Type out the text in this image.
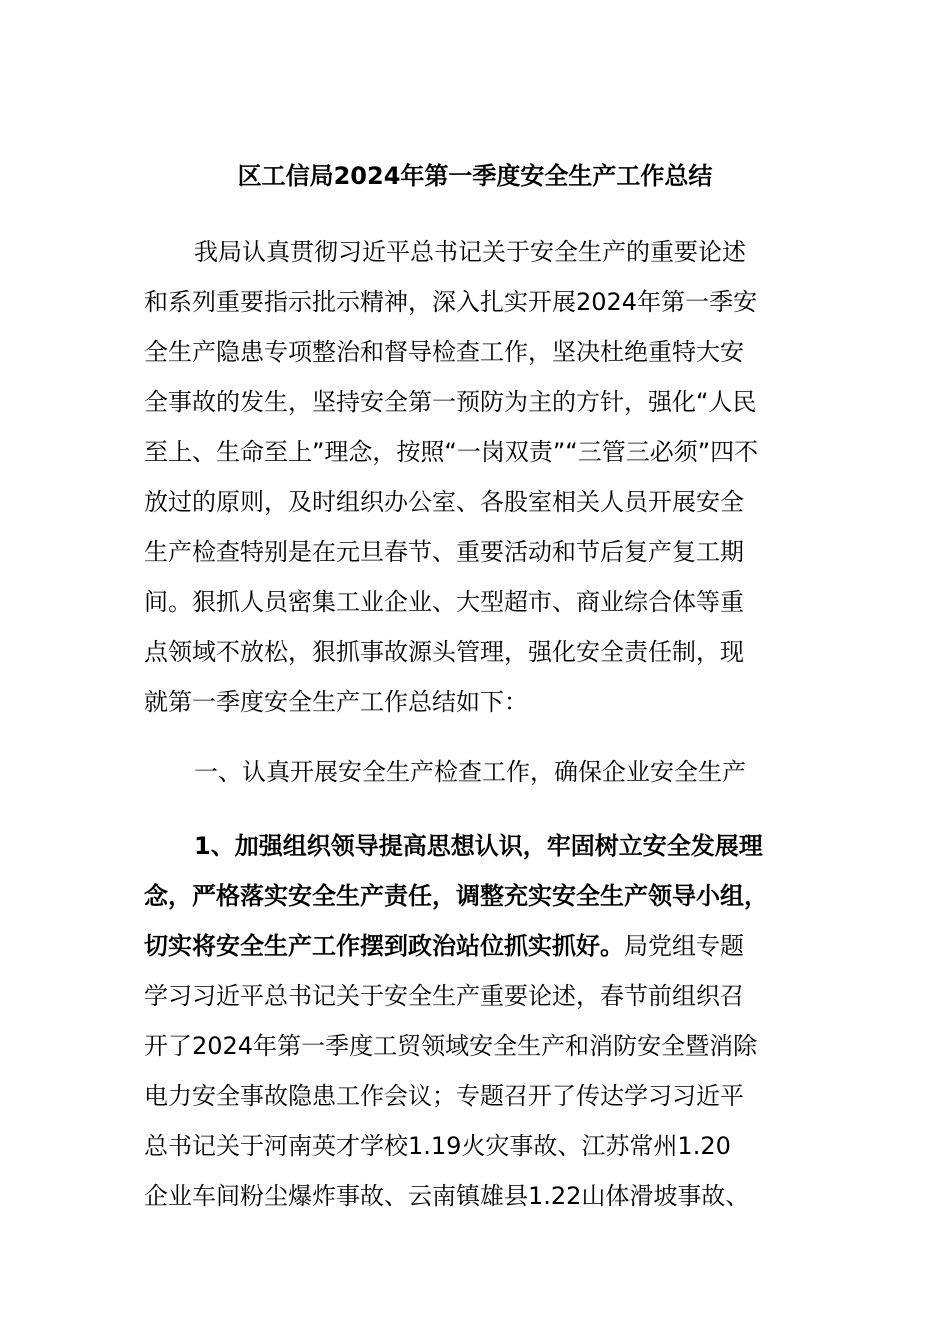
区工信局2024年第一季度安全生产工作总结
我局认真贯彻习近平总书记关于安全生产的重要论述
和系列重要指示批示精神，深入扎实开展2024年第一季安
全生产隐患专项整治和督导检查工作，坚决杜绝重特大安
全事故的发生，坚持安全第一预防为主的方针，强化“人民
至上、生命至上”理念，按照“一岗双责”“三管三必须”四不
放过的原则，及时组织办公室、各股室相关人员开展安全
生产检查特别是在元旦春节、重要活动和节后复产复工期
间。狠抓人员密集工业企业、大型超市、商业综合体等重
点领域不放松，狠抓事故源头管理，强化安全责任制，现
就第一季度安全生产工作总结如下：
一、认真开展安全生产检查工作，确保企业安全生产
1、加强组织领导提高思想认识，牢固树立安全发展理
念，严格落实安全生产责任，调整充实安全生产领导小组，
切实将安全生产工作摆到政治站位抓实抓好。局党组专题
学习习近平总书记关于安全生产重要论述，春节前组织召
开了2024年第一季度工贸领域安全生产和消防安全暨消除
电力安全事故隐患工作会议；专题召开了传达学习习近平
总书记关于河南英才学校1.19火灾事故、江苏常州1.20
企业车间粉尘爆炸事故、云南镇雄县1.22山体滑坡事故、
